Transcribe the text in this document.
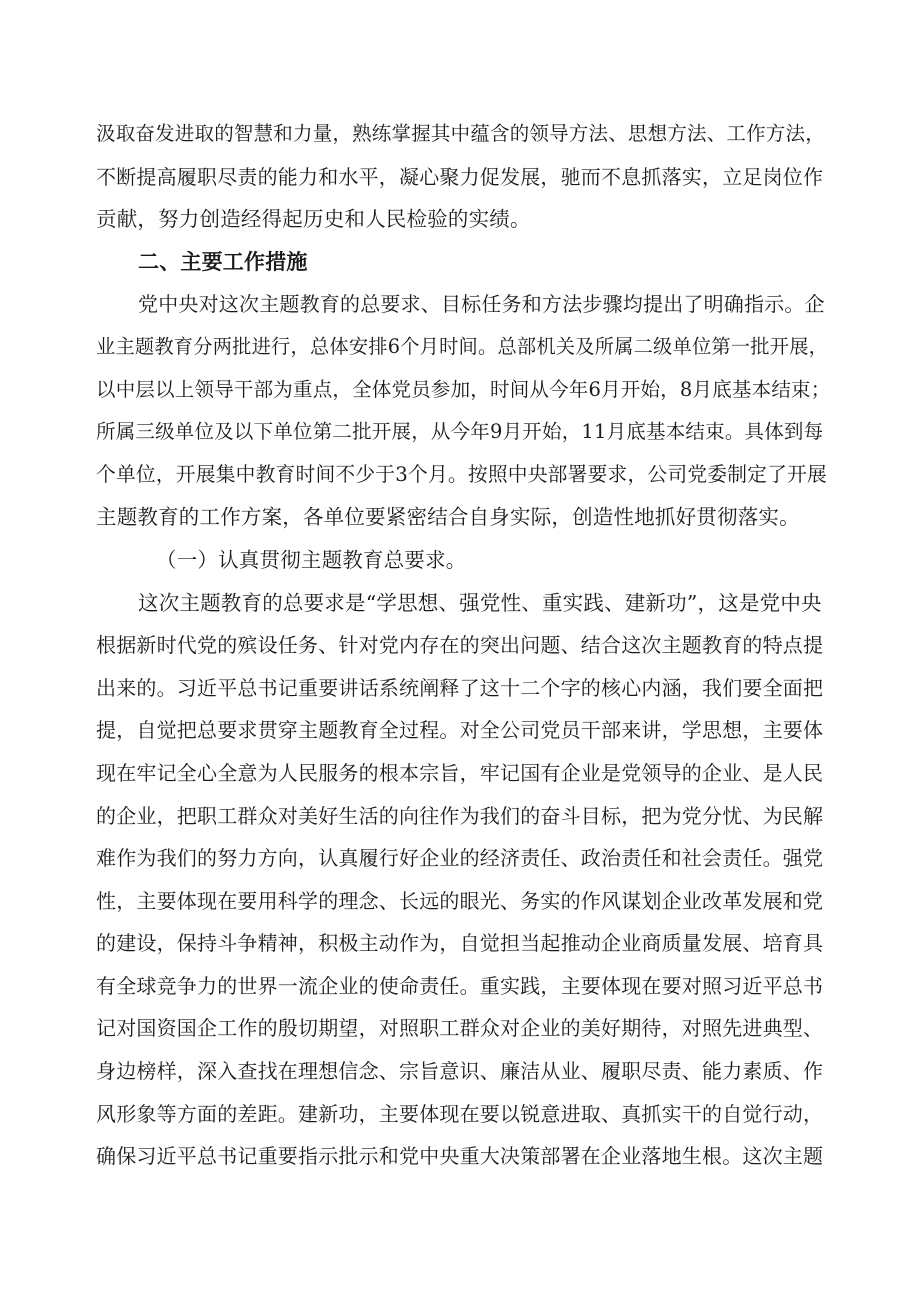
汲取奋发进取的智慧和力量，熟练掌握其中蕴含的领导方法、思想方法、工作方法，
不断提高履职尽责的能力和水平，凝心聚力促发展，驰而不息抓落实，立足岗位作
贡献，努力创造经得起历史和人民检验的实绩。
二、主要工作措施
党中央对这次主题教育的总要求、目标任务和方法步骤均提出了明确指示。企
业主题教育分两批进行，总体安排6个月时间。总部机关及所属二级单位第一批开展，
以中层以上领导干部为重点，全体党员参加，时间从今年6月开始，8月底基本结束；
所属三级单位及以下单位第二批开展，从今年9月开始，11月底基本结束。具体到每
个单位，开展集中教育时间不少于3个月。按照中央部署要求，公司党委制定了开展
主题教育的工作方案，各单位要紧密结合自身实际，创造性地抓好贯彻落实。
（一）认真贯彻主题教育总要求。
这次主题教育的总要求是“学思想、强党性、重实践、建新功”，这是党中央
根据新时代党的殡设任务、针对党内存在的突出问题、结合这次主题教育的特点提
出来的。习近平总书记重要讲话系统阐释了这十二个字的核心内涵，我们要全面把
提，自觉把总要求贯穿主题教育全过程。对全公司党员干部来讲，学思想，主要体
现在牢记全心全意为人民服务的根本宗旨，牢记国有企业是党领导的企业、是人民
的企业，把职工群众对美好生活的向往作为我们的奋斗目标，把为党分忧、为民解
难作为我们的努力方向，认真履行好企业的经济责任、政治责任和社会责任。强党
性，主要体现在要用科学的理念、长远的眼光、务实的作风谋划企业改革发展和党
的建设，保持斗争精神，积极主动作为，自觉担当起推动企业商质量发展、培育具
有全球竞争力的世界一流企业的使命责任。重实践，主要体现在要对照习近平总书
记对国资国企工作的殷切期望，对照职工群众对企业的美好期待，对照先进典型、
身边榜样，深入查找在理想信念、宗旨意识、廉洁从业、履职尽责、能力素质、作
风形象等方面的差距。建新功，主要体现在要以锐意进取、真抓实干的自觉行动，
确保习近平总书记重要指示批示和党中央重大决策部署在企业落地生根。这次主题
